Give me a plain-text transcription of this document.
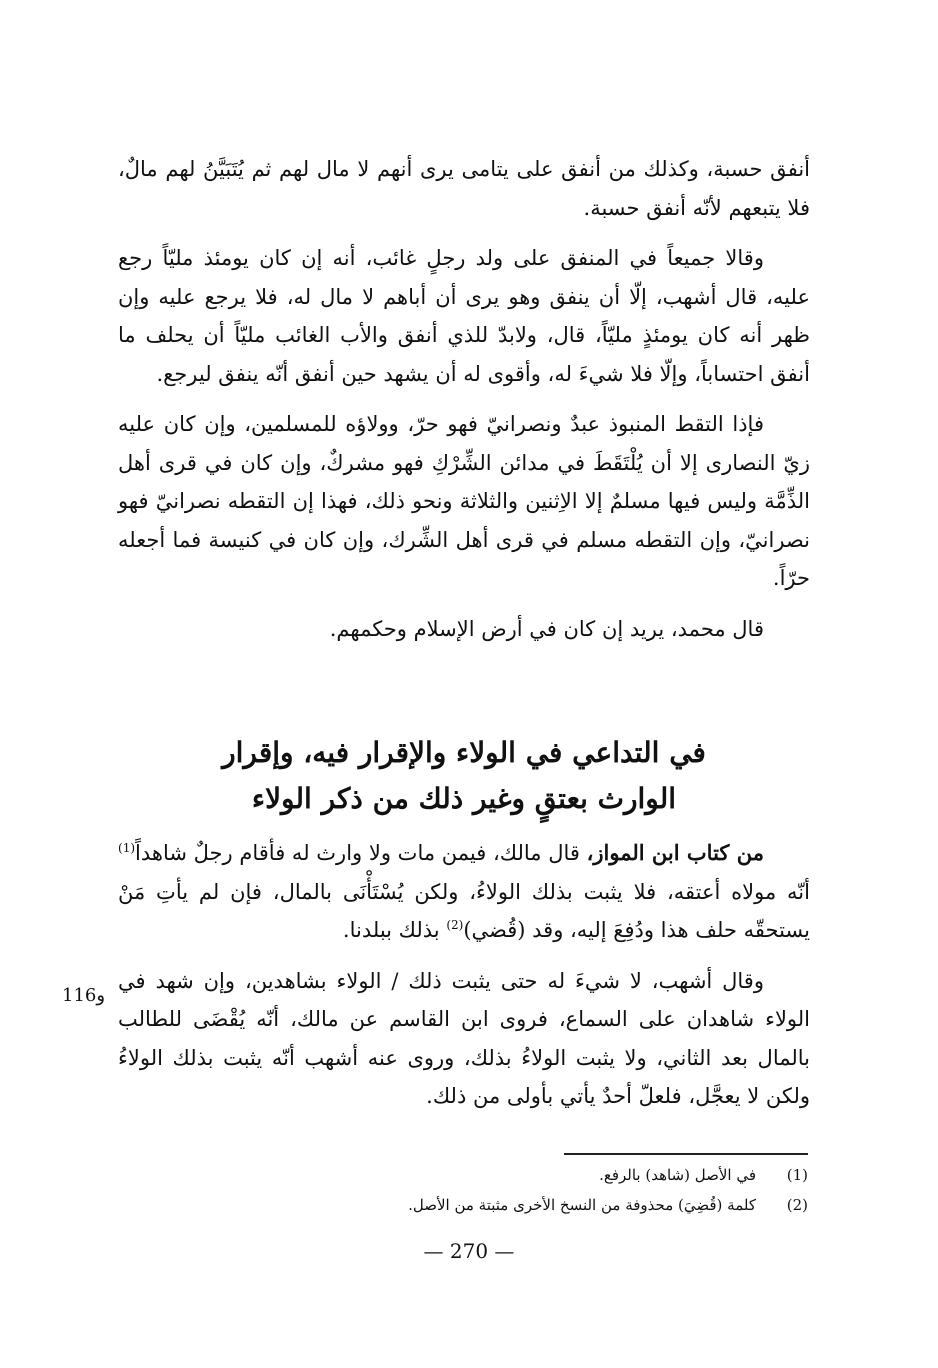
أنفق حسبة، وكذلك من أنفق على يتامى يرى أنهم لا مال لهم ثم يُتَبَيَّنُ لهم مالٌ، فلا يتبعهم لأنّه أنفق حسبة.

وقالا جميعاً في المنفق على ولد رجلٍ غائب، أنه إن كان يومئذ مليّاً رجع عليه، قال أشهب، إلّا أن ينفق وهو يرى أن أباهم لا مال له، فلا يرجع عليه وإن ظهر أنه كان يومئذٍ مليّاً، قال، ولابدّ للذي أنفق والأب الغائب مليّاً أن يحلف ما أنفق احتساباً، وإلّا فلا شيءَ له، وأقوى له أن يشهد حين أنفق أنّه ينفق ليرجع.

فإذا التقط المنبوذ عبدٌ ونصرانيّ فهو حرّ، وولاؤه للمسلمين، وإن كان عليه زيّ النصارى إلا أن يُلْتَقَطَ في مدائن الشِّرْكِ فهو مشركٌ، وإن كان في قرى أهل الذِّمَّة وليس فيها مسلمٌ إلا الاِثنين والثلاثة ونحو ذلك، فهذا إن التقطه نصرانيّ فهو نصرانيّ، وإن التقطه مسلم في قرى أهل الشِّرك، وإن كان في كنيسة فما أجعله حرّاً.

قال محمد، يريد إن كان في أرض الإسلام وحكمهم.

في التداعي في الولاء والإقرار فيه، وإقرار
الوارث بعتقٍ وغير ذلك من ذكر الولاء

من كتاب ابن المواز، قال مالك، فيمن مات ولا وارث له فأقام رجلٌ شاهداً$^{(1)}$ أنّه مولاه أعتقه، فلا يثبت بذلك الولاءُ، ولكن يُسْتَأْنَى بالمال، فإن لم يأتِ مَنْ يستحقّه حلف هذا ودُفِعَ إليه، وقد (قُضي)$^{(2)}$ بذلك ببلدنا.

وقال أشهب، لا شيءَ له حتى يثبت ذلك / الولاء بشاهدين، وإن شهد في الولاء شاهدان على السماع، فروى ابن القاسم عن مالك، أنّه يُقْضَى للطالب بالمال بعد الثاني، ولا يثبت الولاءُ بذلك، وروى عنه أشهب أنّه يثبت بذلك الولاءُ ولكن لا يعجَّل، فلعلّ أحدٌ يأتي بأولى من ذلك.

116و
(1)
في الأصل (شاهد) بالرفع.
(2)
كلمة (قُضِيَ) محذوفة من النسخ الأخرى مثبتة من الأصل.
— 270 —
